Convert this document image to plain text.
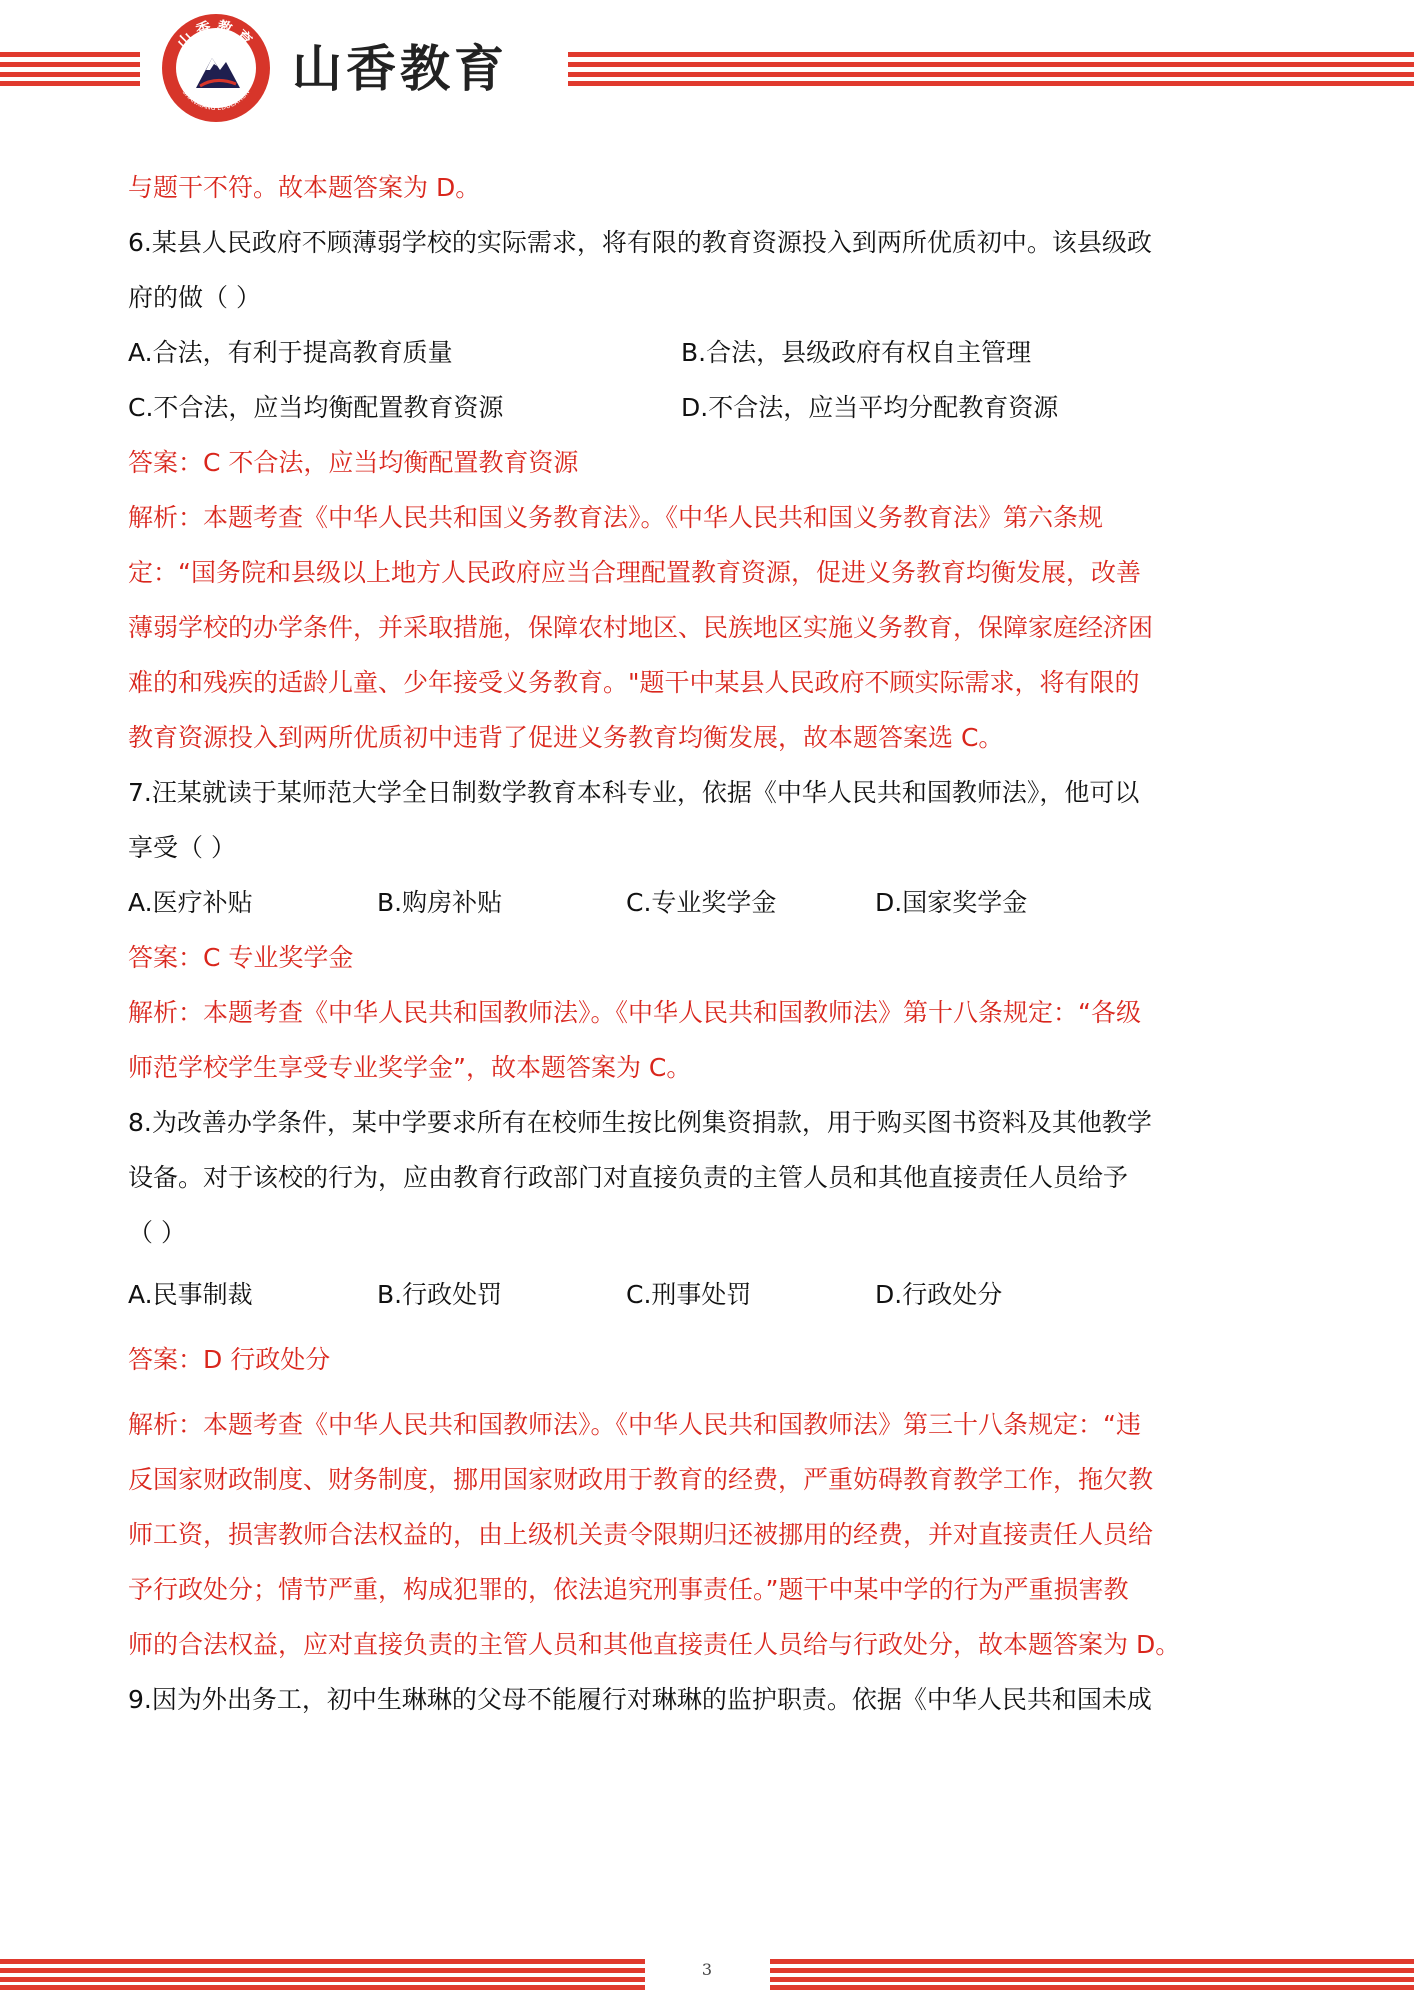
山香教育
SHANXIANG EDUCATION 山香教育
与题干不符。故本题答案为 D。
6.某县人民政府不顾薄弱学校的实际需求，将有限的教育资源投入到两所优质初中。该县级政
府的做（ ）
A.合法，有利于提高教育质量	B.合法，县级政府有权自主管理
C.不合法，应当均衡配置教育资源	D.不合法，应当平均分配教育资源
答案：C 不合法，应当均衡配置教育资源
解析：本题考查《中华人民共和国义务教育法》。《中华人民共和国义务教育法》第六条规
定：“国务院和县级以上地方人民政府应当合理配置教育资源，促进义务教育均衡发展，改善
薄弱学校的办学条件，并采取措施，保障农村地区、民族地区实施义务教育，保障家庭经济困
难的和残疾的适龄儿童、少年接受义务教育。"题干中某县人民政府不顾实际需求，将有限的
教育资源投入到两所优质初中违背了促进义务教育均衡发展，故本题答案选 C。
7.汪某就读于某师范大学全日制数学教育本科专业，依据《中华人民共和国教师法》，他可以
享受（ ）
A.医疗补贴	B.购房补贴	C.专业奖学金	D.国家奖学金
答案：C 专业奖学金
解析：本题考查《中华人民共和国教师法》。《中华人民共和国教师法》第十八条规定：“各级
师范学校学生享受专业奖学金”，故本题答案为 C。
8.为改善办学条件，某中学要求所有在校师生按比例集资捐款，用于购买图书资料及其他教学
设备。对于该校的行为，应由教育行政部门对直接负责的主管人员和其他直接责任人员给予
（ ）
A.民事制裁	B.行政处罚	C.刑事处罚	D.行政处分
答案：D 行政处分
解析：本题考查《中华人民共和国教师法》。《中华人民共和国教师法》第三十八条规定：“违
反国家财政制度、财务制度，挪用国家财政用于教育的经费，严重妨碍教育教学工作，拖欠教
师工资，损害教师合法权益的，由上级机关责令限期归还被挪用的经费，并对直接责任人员给
予行政处分；情节严重，构成犯罪的，依法追究刑事责任。”题干中某中学的行为严重损害教
师的合法权益，应对直接负责的主管人员和其他直接责任人员给与行政处分，故本题答案为 D。
9.因为外出务工，初中生琳琳的父母不能履行对琳琳的监护职责。依据《中华人民共和国未成
3
